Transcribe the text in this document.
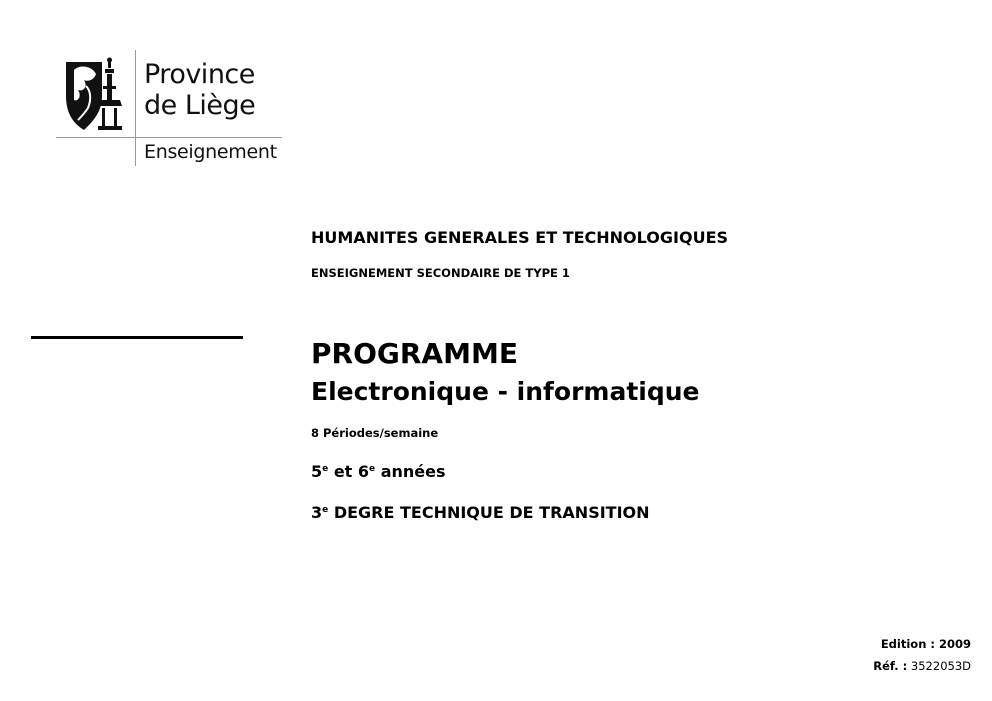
Province
de Liège
Enseignement
HUMANITES GENERALES ET TECHNOLOGIQUES
ENSEIGNEMENT SECONDAIRE DE TYPE 1
PROGRAMME
Electronique - informatique
8 Périodes/semaine
5e et 6e années
3e DEGRE TECHNIQUE DE TRANSITION
Edition : 2009
Réf. : 3522053D
